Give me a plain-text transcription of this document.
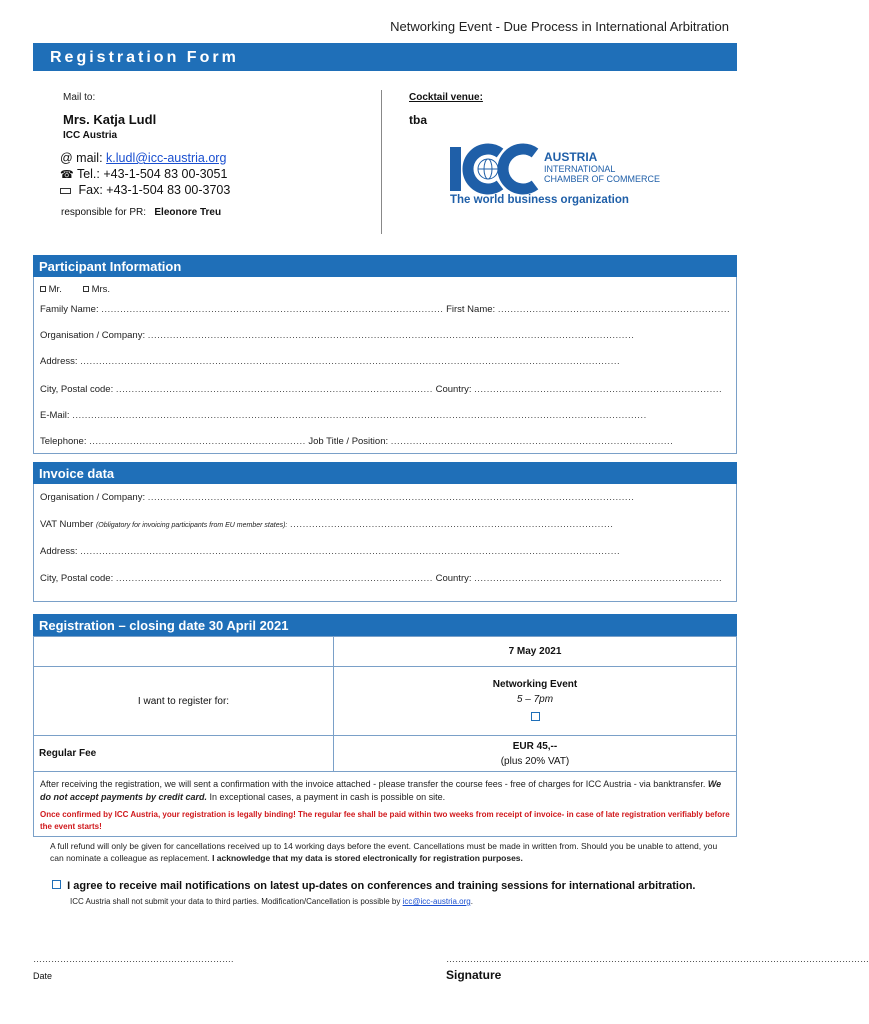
Networking Event - Due Process in International Arbitration
Registration Form
Mail to:
Mrs. Katja Ludl
ICC Austria
@ mail: k.ludl@icc-austria.org
☎ Tel.: +43-1-504 83 00-3051
Fax: +43-1-504 83 00-3703
responsible for PR: Eleonore Treu
Cocktail venue:
tba
AUSTRIA
INTERNATIONAL
CHAMBER OF COMMERCE
The world business organization
Participant Information
Mr.	Mrs.
Family Name: ............................................................................................................. First Name: ..........................................................................
Organisation / Company: ...........................................................................................................................................................
Address: ............................................................................................................................................................................
City, Postal code: ..................................................................................................... Country: ...............................................................................
E-Mail: .......................................................................................................................................................................................
Telephone: ..................................................................... Job Title / Position: ..........................................................................................
Invoice data
Organisation / Company: ...........................................................................................................................................................
VAT Number (Obligatory for invoicing participants from EU member states): .......................................................................................................
Address: ............................................................................................................................................................................
City, Postal code: ..................................................................................................... Country: ...............................................................................
Registration – closing date 30 April 2021
	7 May 2021
I want to register for:	Networking Event
5 – 7pm

Regular Fee	EUR 45,--
(plus 20% VAT)
After receiving the registration, we will sent a confirmation with the invoice attached - please transfer the course fees - free of charges for ICC Austria - via banktransfer. We do not accept payments by credit card. In exceptional cases, a payment in cash is possible on site.
Once confirmed by ICC Austria, your registration is legally binding! The regular fee shall be paid within two weeks from receipt of invoice- in case of late registration verifiably before the event starts!
A full refund will only be given for cancellations received up to 14 working days before the event. Cancellations must be made in written from. Should you be unable to attend, you can nominate a colleague as replacement. I acknowledge that my data is stored electronically for registration purposes.
I agree to receive mail notifications on latest up-dates on conferences and training sessions for international arbitration.
ICC Austria shall not submit your data to third parties. Modification/Cancellation is possible by icc@icc-austria.org.
………………………………………………………….
Date
……………………………………………………………………………………………………………………………
Signature
